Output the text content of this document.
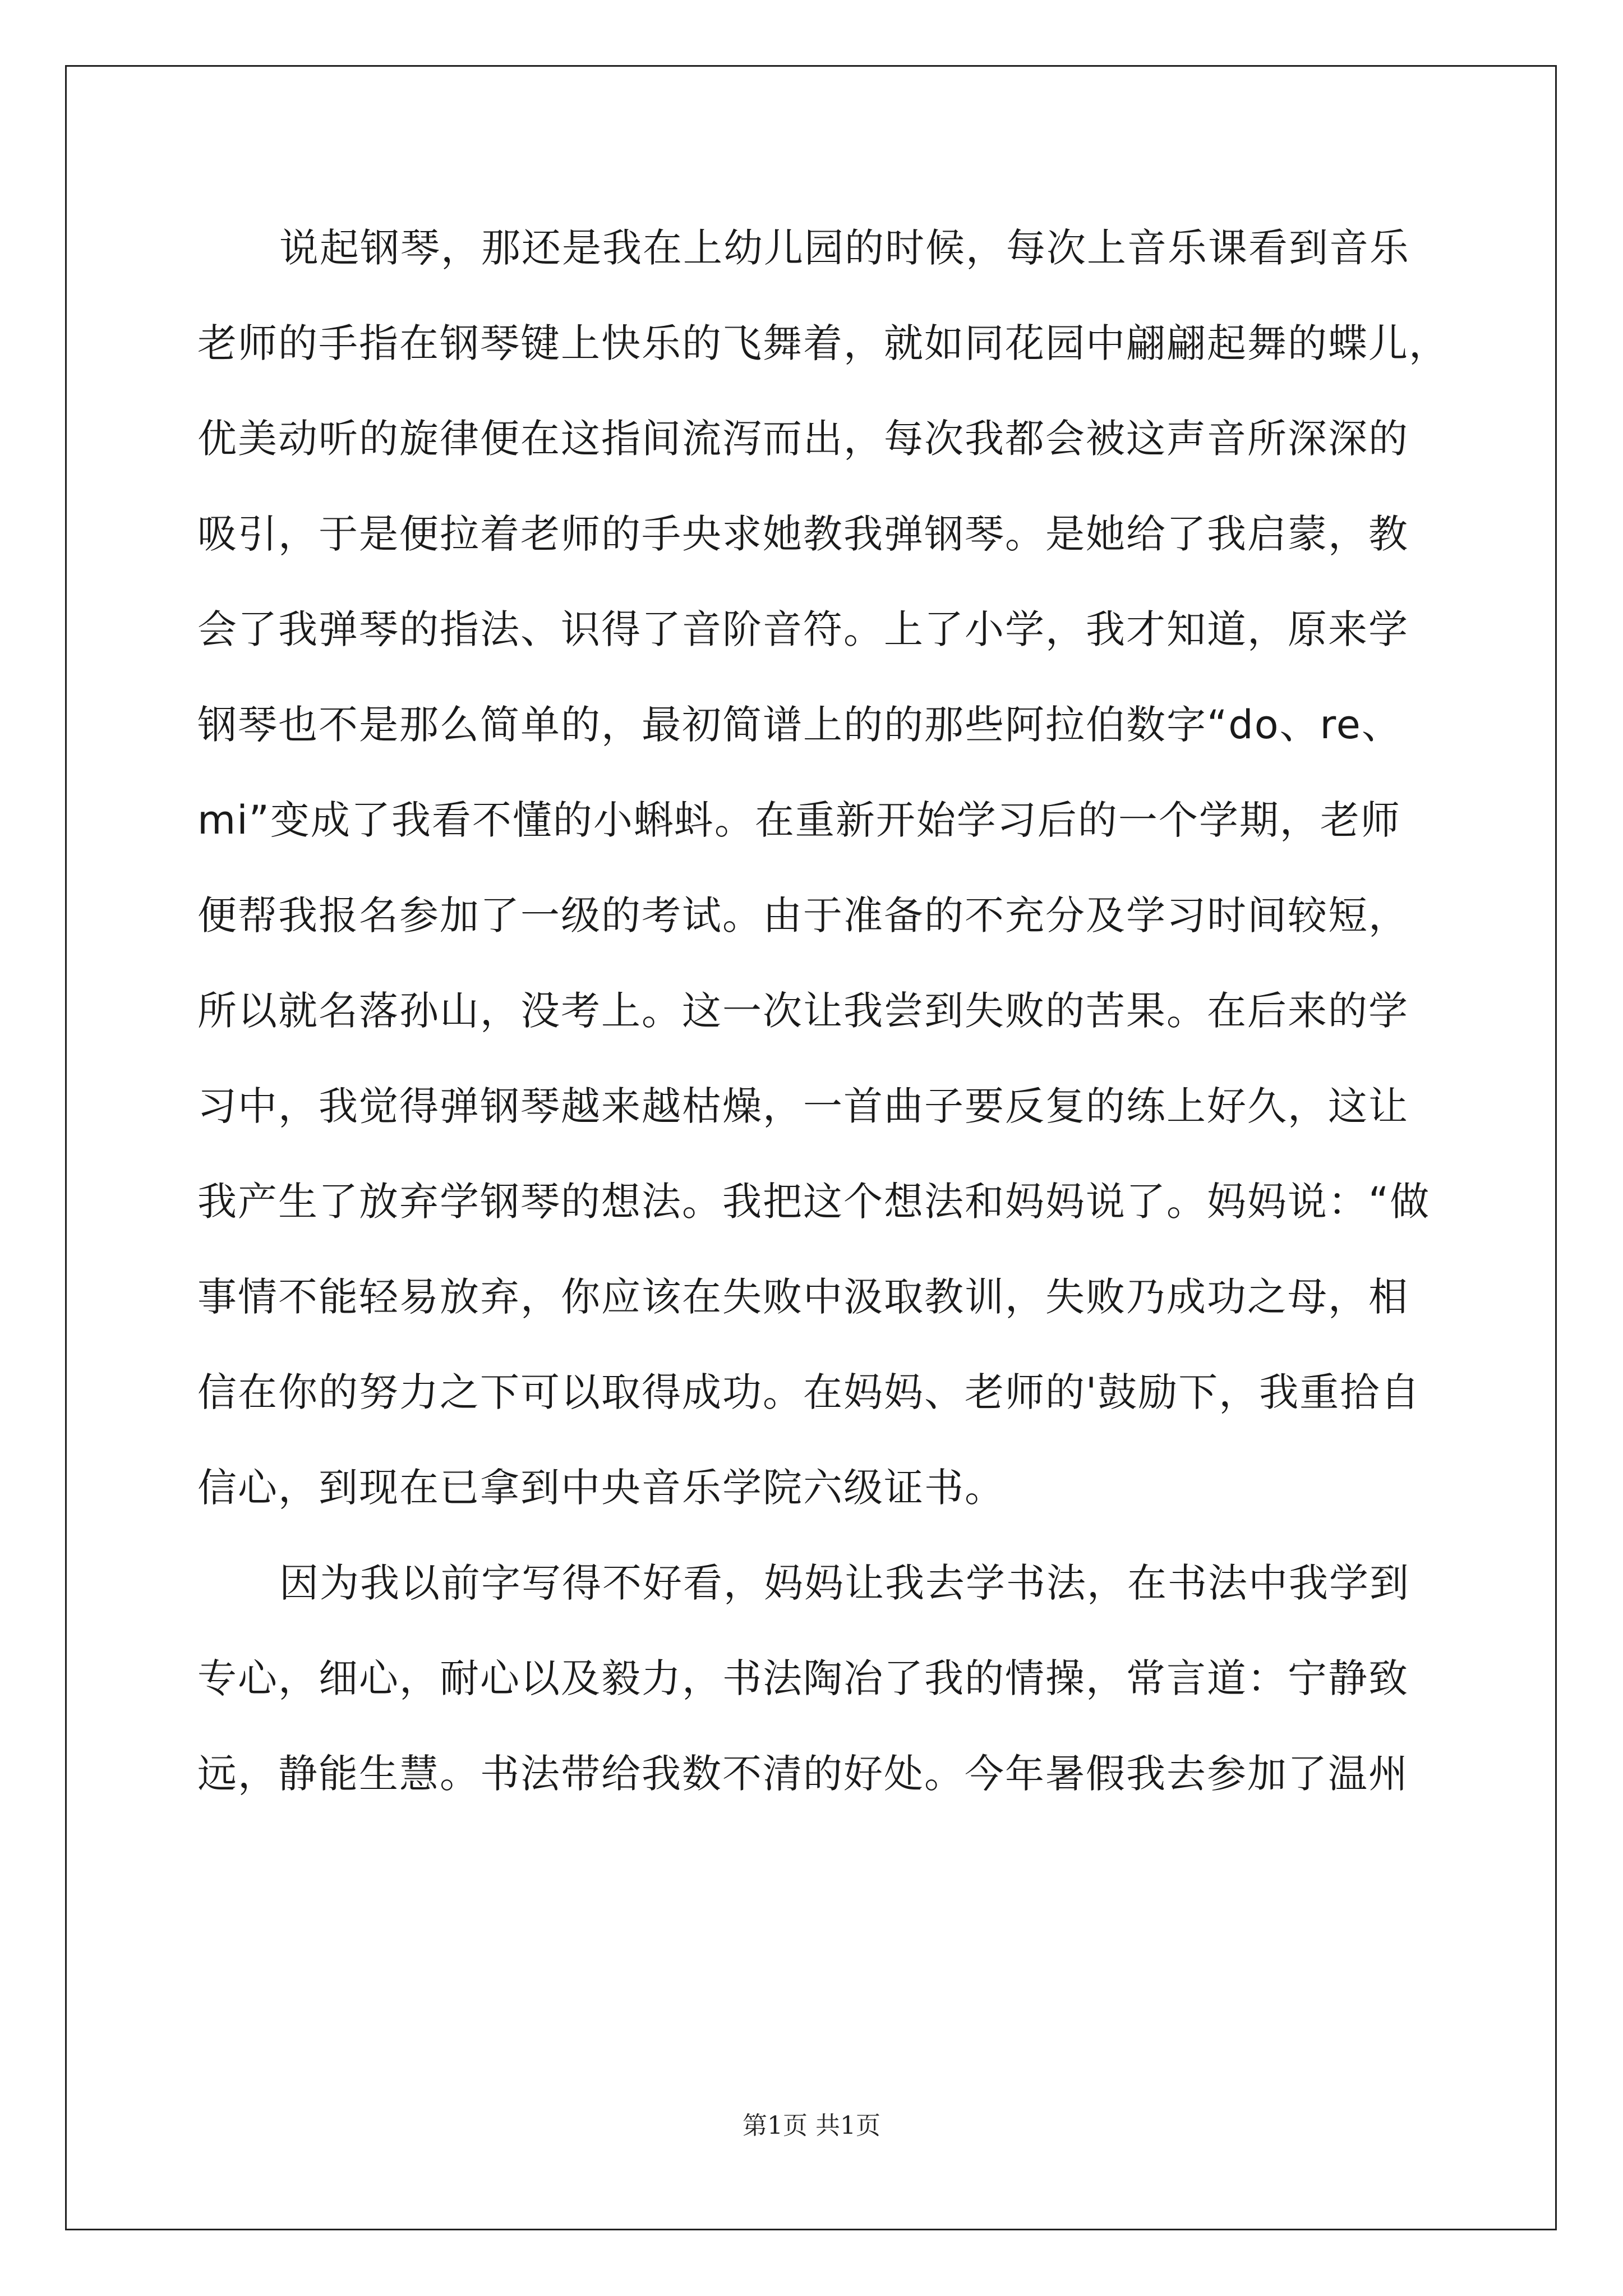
说起钢琴，那还是我在上幼儿园的时候，每次上音乐课看到音乐
老师的手指在钢琴键上快乐的飞舞着，就如同花园中翩翩起舞的蝶儿，
优美动听的旋律便在这指间流泻而出，每次我都会被这声音所深深的
吸引，于是便拉着老师的手央求她教我弹钢琴。是她给了我启蒙，教
会了我弹琴的指法、识得了音阶音符。上了小学，我才知道，原来学
钢琴也不是那么简单的，最初简谱上的的那些阿拉伯数字“do、re、
mi”变成了我看不懂的小蝌蚪。在重新开始学习后的一个学期，老师
便帮我报名参加了一级的考试。由于准备的不充分及学习时间较短，
所以就名落孙山，没考上。这一次让我尝到失败的苦果。在后来的学
习中，我觉得弹钢琴越来越枯燥，一首曲子要反复的练上好久，这让
我产生了放弃学钢琴的想法。我把这个想法和妈妈说了。妈妈说：“做
事情不能轻易放弃，你应该在失败中汲取教训，失败乃成功之母，相
信在你的努力之下可以取得成功。在妈妈、老师的'鼓励下，我重拾自
信心，到现在已拿到中央音乐学院六级证书。
因为我以前字写得不好看，妈妈让我去学书法，在书法中我学到
专心，细心，耐心以及毅力，书法陶冶了我的情操，常言道：宁静致
远，静能生慧。书法带给我数不清的好处。今年暑假我去参加了温州
第1页 共1页
